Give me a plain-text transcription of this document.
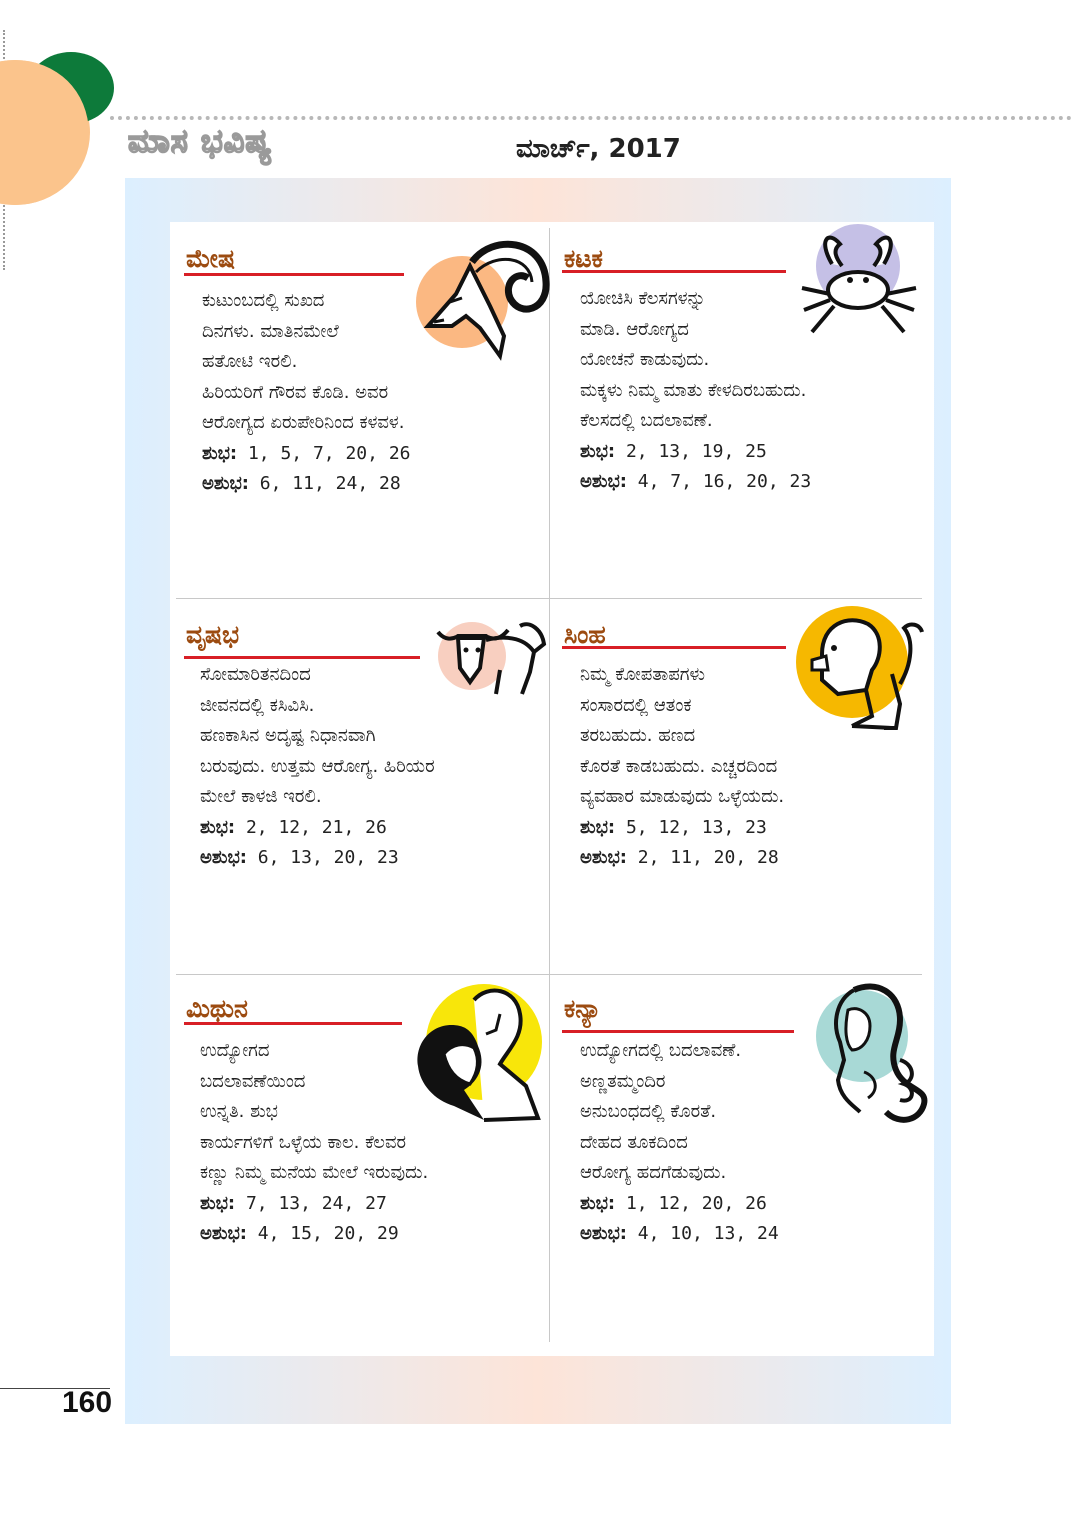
ಮಾಸ ಭವಿಷ್ಯ	ಮಾರ್ಚ್, 2017
ಮೇಷ
ಕುಟುಂಬದಲ್ಲಿ ಸುಖದ
ದಿನಗಳು. ಮಾತಿನಮೇಲೆ
ಹತೋಟಿ ಇರಲಿ.
ಹಿರಿಯರಿಗೆ ಗೌರವ ಕೊಡಿ. ಅವರ
ಆರೋಗ್ಯದ ಏರುಪೇರಿನಿಂದ ಕಳವಳ.
ಶುಭ: 1, 5, 7, 20, 26
ಅಶುಭ: 6, 11, 24, 28
ಕಟಕ
ಯೋಚಿಸಿ ಕೆಲಸಗಳನ್ನು
ಮಾಡಿ. ಆರೋಗ್ಯದ
ಯೋಚನೆ ಕಾಡುವುದು.
ಮಕ್ಕಳು ನಿಮ್ಮ ಮಾತು ಕೇಳದಿರಬಹುದು.
ಕೆಲಸದಲ್ಲಿ ಬದಲಾವಣೆ.
ಶುಭ: 2, 13, 19, 25
ಅಶುಭ: 4, 7, 16, 20, 23
ವೃಷಭ
ಸೋಮಾರಿತನದಿಂದ
ಜೀವನದಲ್ಲಿ ಕಸಿವಿಸಿ.
ಹಣಕಾಸಿನ ಅದೃಷ್ಟ ನಿಧಾನವಾಗಿ
ಬರುವುದು. ಉತ್ತಮ ಆರೋಗ್ಯ. ಹಿರಿಯರ
ಮೇಲೆ ಕಾಳಜಿ ಇರಲಿ.
ಶುಭ: 2, 12, 21, 26
ಅಶುಭ: 6, 13, 20, 23
ಸಿಂಹ
ನಿಮ್ಮ ಕೋಪತಾಪಗಳು
ಸಂಸಾರದಲ್ಲಿ ಆತಂಕ
ತರಬಹುದು. ಹಣದ
ಕೊರತೆ ಕಾಡಬಹುದು. ಎಚ್ಚರದಿಂದ
ವ್ಯವಹಾರ ಮಾಡುವುದು ಒಳ್ಳೆಯದು.
ಶುಭ: 5, 12, 13, 23
ಅಶುಭ: 2, 11, 20, 28
ಮಿಥುನ
ಉದ್ಯೋಗದ
ಬದಲಾವಣೆಯಿಂದ
ಉನ್ನತಿ. ಶುಭ
ಕಾರ್ಯಗಳಿಗೆ ಒಳ್ಳೆಯ ಕಾಲ. ಕೆಲವರ
ಕಣ್ಣು ನಿಮ್ಮ ಮನೆಯ ಮೇಲೆ ಇರುವುದು.
ಶುಭ: 7, 13, 24, 27
ಅಶುಭ: 4, 15, 20, 29
ಕನ್ಯಾ
ಉದ್ಯೋಗದಲ್ಲಿ ಬದಲಾವಣೆ.
ಅಣ್ಣತಮ್ಮಂದಿರ
ಅನುಬಂಧದಲ್ಲಿ ಕೊರತೆ.
ದೇಹದ ತೂಕದಿಂದ
ಆರೋಗ್ಯ ಹದಗೆಡುವುದು.
ಶುಭ: 1, 12, 20, 26
ಅಶುಭ: 4, 10, 13, 24
160
